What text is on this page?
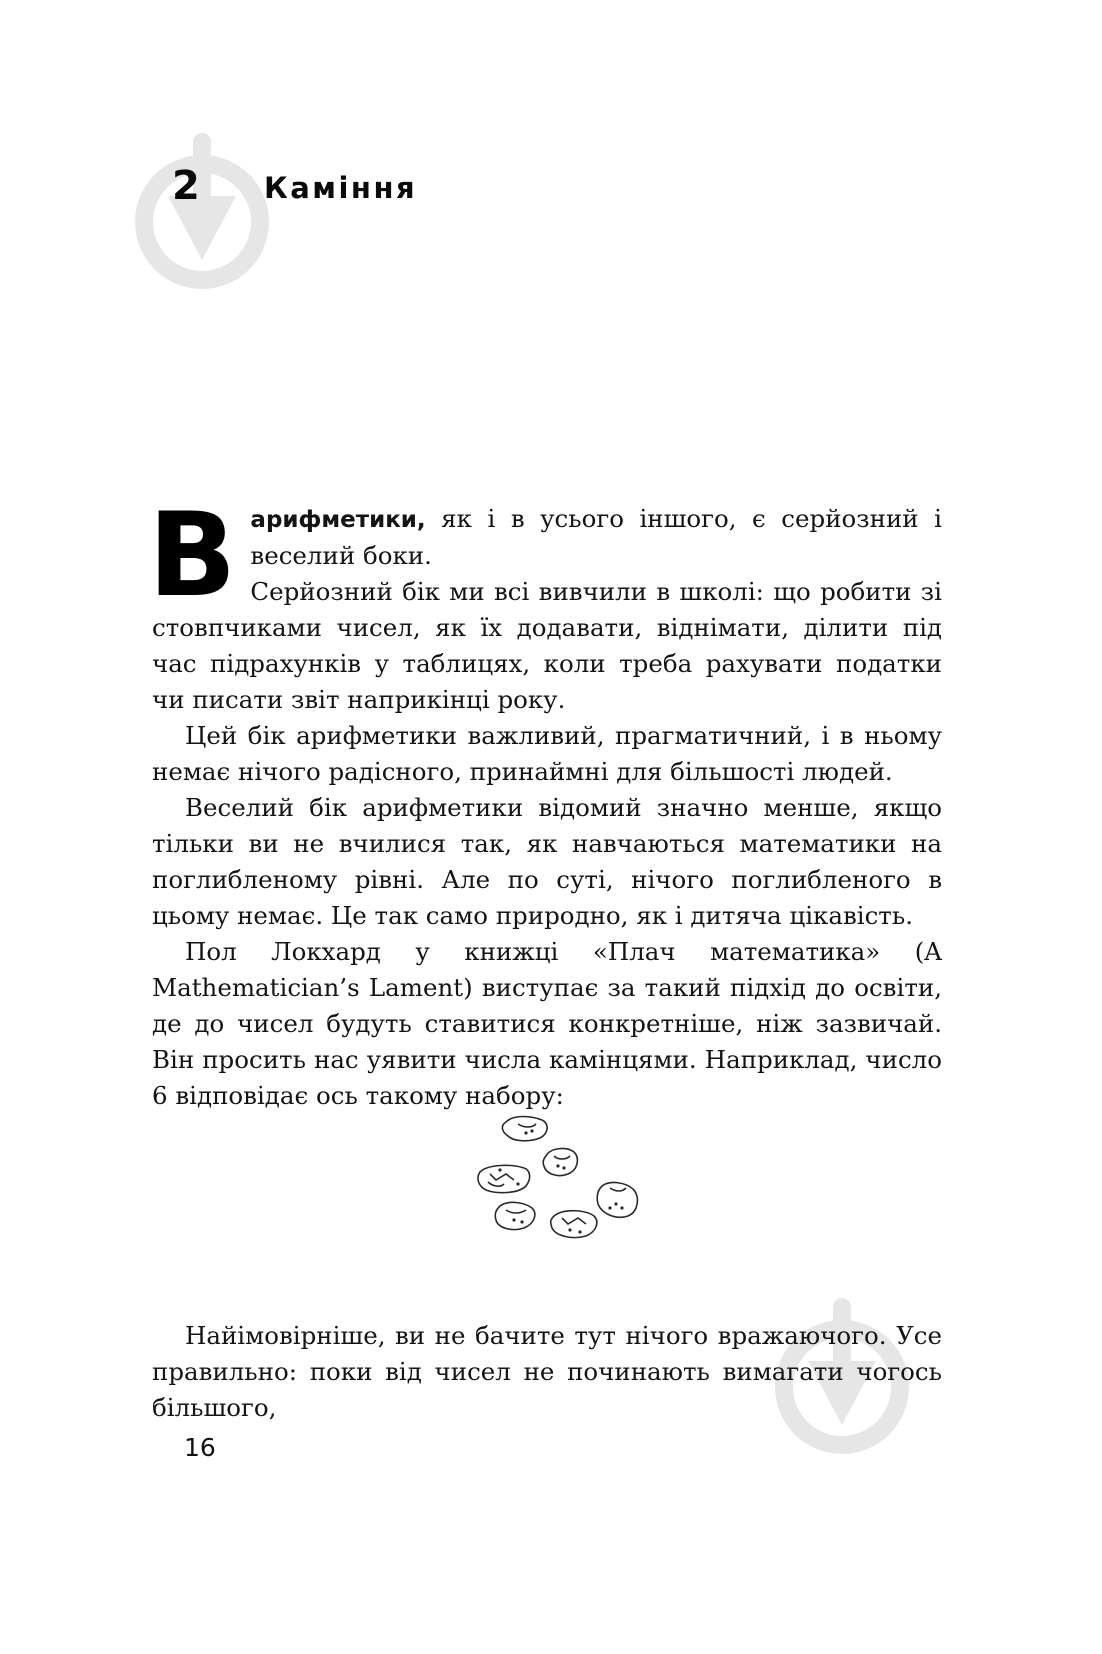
2 Каміння

Варифметики, як і в усього іншого, є серйозний і веселий боки.

Серйозний бік ми всі вивчили в школі: що робити зі стовпчиками чисел, як їх додавати, віднімати, ділити під час підрахунків у таблицях, коли треба рахувати податки чи писати звіт наприкінці року.

Цей бік арифметики важливий, прагматичний, і в ньому немає нічого радісного, принаймні для більшості людей.

Веселий бік арифметики відомий значно менше, якщо тільки ви не вчилися так, як навчаються математики на поглибленому рівні. Але по суті, нічого поглибленого в цьому немає. Це так само природно, як і дитяча цікавість.

Пол Локхард у книжці «Плач математика» (A Mathematician’s Lament) виступає за такий підхід до освіти, де до чисел будуть ставитися конкретніше, ніж зазвичай. Він просить нас уявити числа камінцями. Наприклад, число 6 відповідає ось такому набору:

Найімовірніше, ви не бачите тут нічого вражаючого. Усе правильно: поки від чисел не починають вимагати чогось більшого,

16
